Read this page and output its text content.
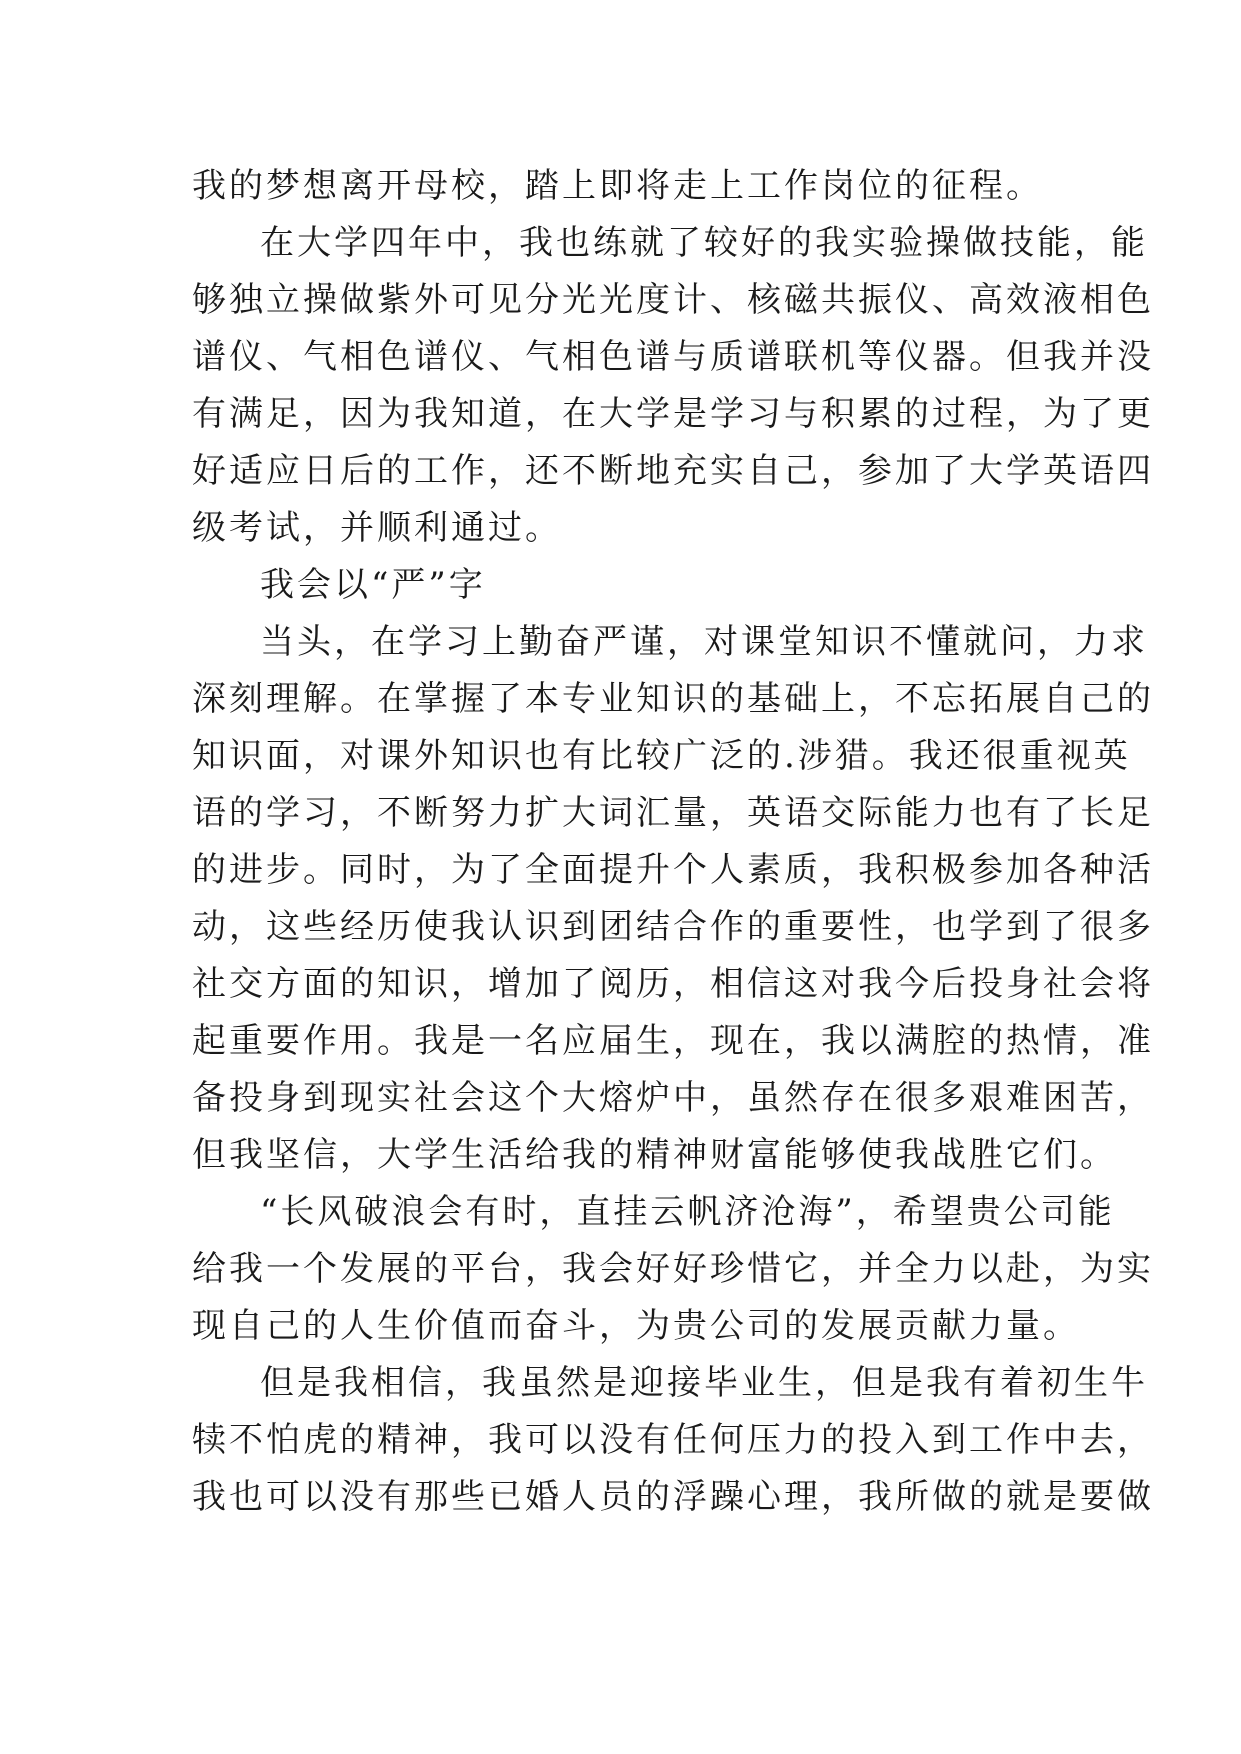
我的梦想离开母校，踏上即将走上工作岗位的征程。
在大学四年中，我也练就了较好的我实验操做技能，能
够独立操做紫外可见分光光度计、核磁共振仪、高效液相色
谱仪、气相色谱仪、气相色谱与质谱联机等仪器。但我并没
有满足，因为我知道，在大学是学习与积累的过程，为了更
好适应日后的工作，还不断地充实自己，参加了大学英语四
级考试，并顺利通过。
我会以“严”字
当头，在学习上勤奋严谨，对课堂知识不懂就问，力求
深刻理解。在掌握了本专业知识的基础上，不忘拓展自己的
知识面，对课外知识也有比较广泛的.涉猎。我还很重视英
语的学习，不断努力扩大词汇量，英语交际能力也有了长足
的进步。同时，为了全面提升个人素质，我积极参加各种活
动，这些经历使我认识到团结合作的重要性，也学到了很多
社交方面的知识，增加了阅历，相信这对我今后投身社会将
起重要作用。我是一名应届生，现在，我以满腔的热情，准
备投身到现实社会这个大熔炉中，虽然存在很多艰难困苦，
但我坚信，大学生活给我的精神财富能够使我战胜它们。
“长风破浪会有时，直挂云帆济沧海”，希望贵公司能
给我一个发展的平台，我会好好珍惜它，并全力以赴，为实
现自己的人生价值而奋斗，为贵公司的发展贡献力量。
但是我相信，我虽然是迎接毕业生，但是我有着初生牛
犊不怕虎的精神，我可以没有任何压力的投入到工作中去，
我也可以没有那些已婚人员的浮躁心理，我所做的就是要做
